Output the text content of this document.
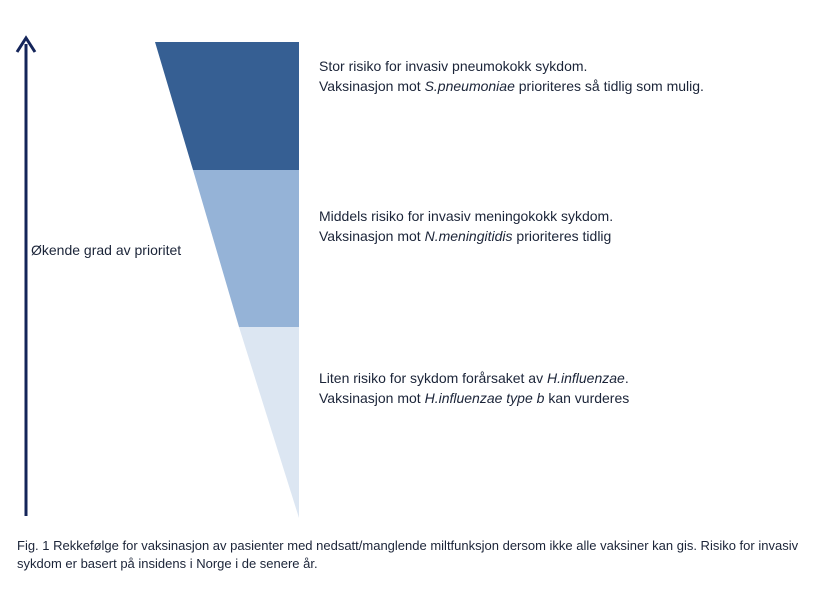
Økende grad av prioritet
Stor risiko for invasiv pneumokokk sykdom.
Vaksinasjon mot S.pneumoniae prioriteres så tidlig som mulig.
Middels risiko for invasiv meningokokk sykdom.
Vaksinasjon mot N.meningitidis prioriteres tidlig
Liten risiko for sykdom forårsaket av H.influenzae.
Vaksinasjon mot H.influenzae type b kan vurderes
Fig. 1 Rekkefølge for vaksinasjon av pasienter med nedsatt/manglende miltfunksjon dersom ikke alle vaksiner kan gis. Risiko for invasiv sykdom er basert på insidens i Norge i de senere år.
